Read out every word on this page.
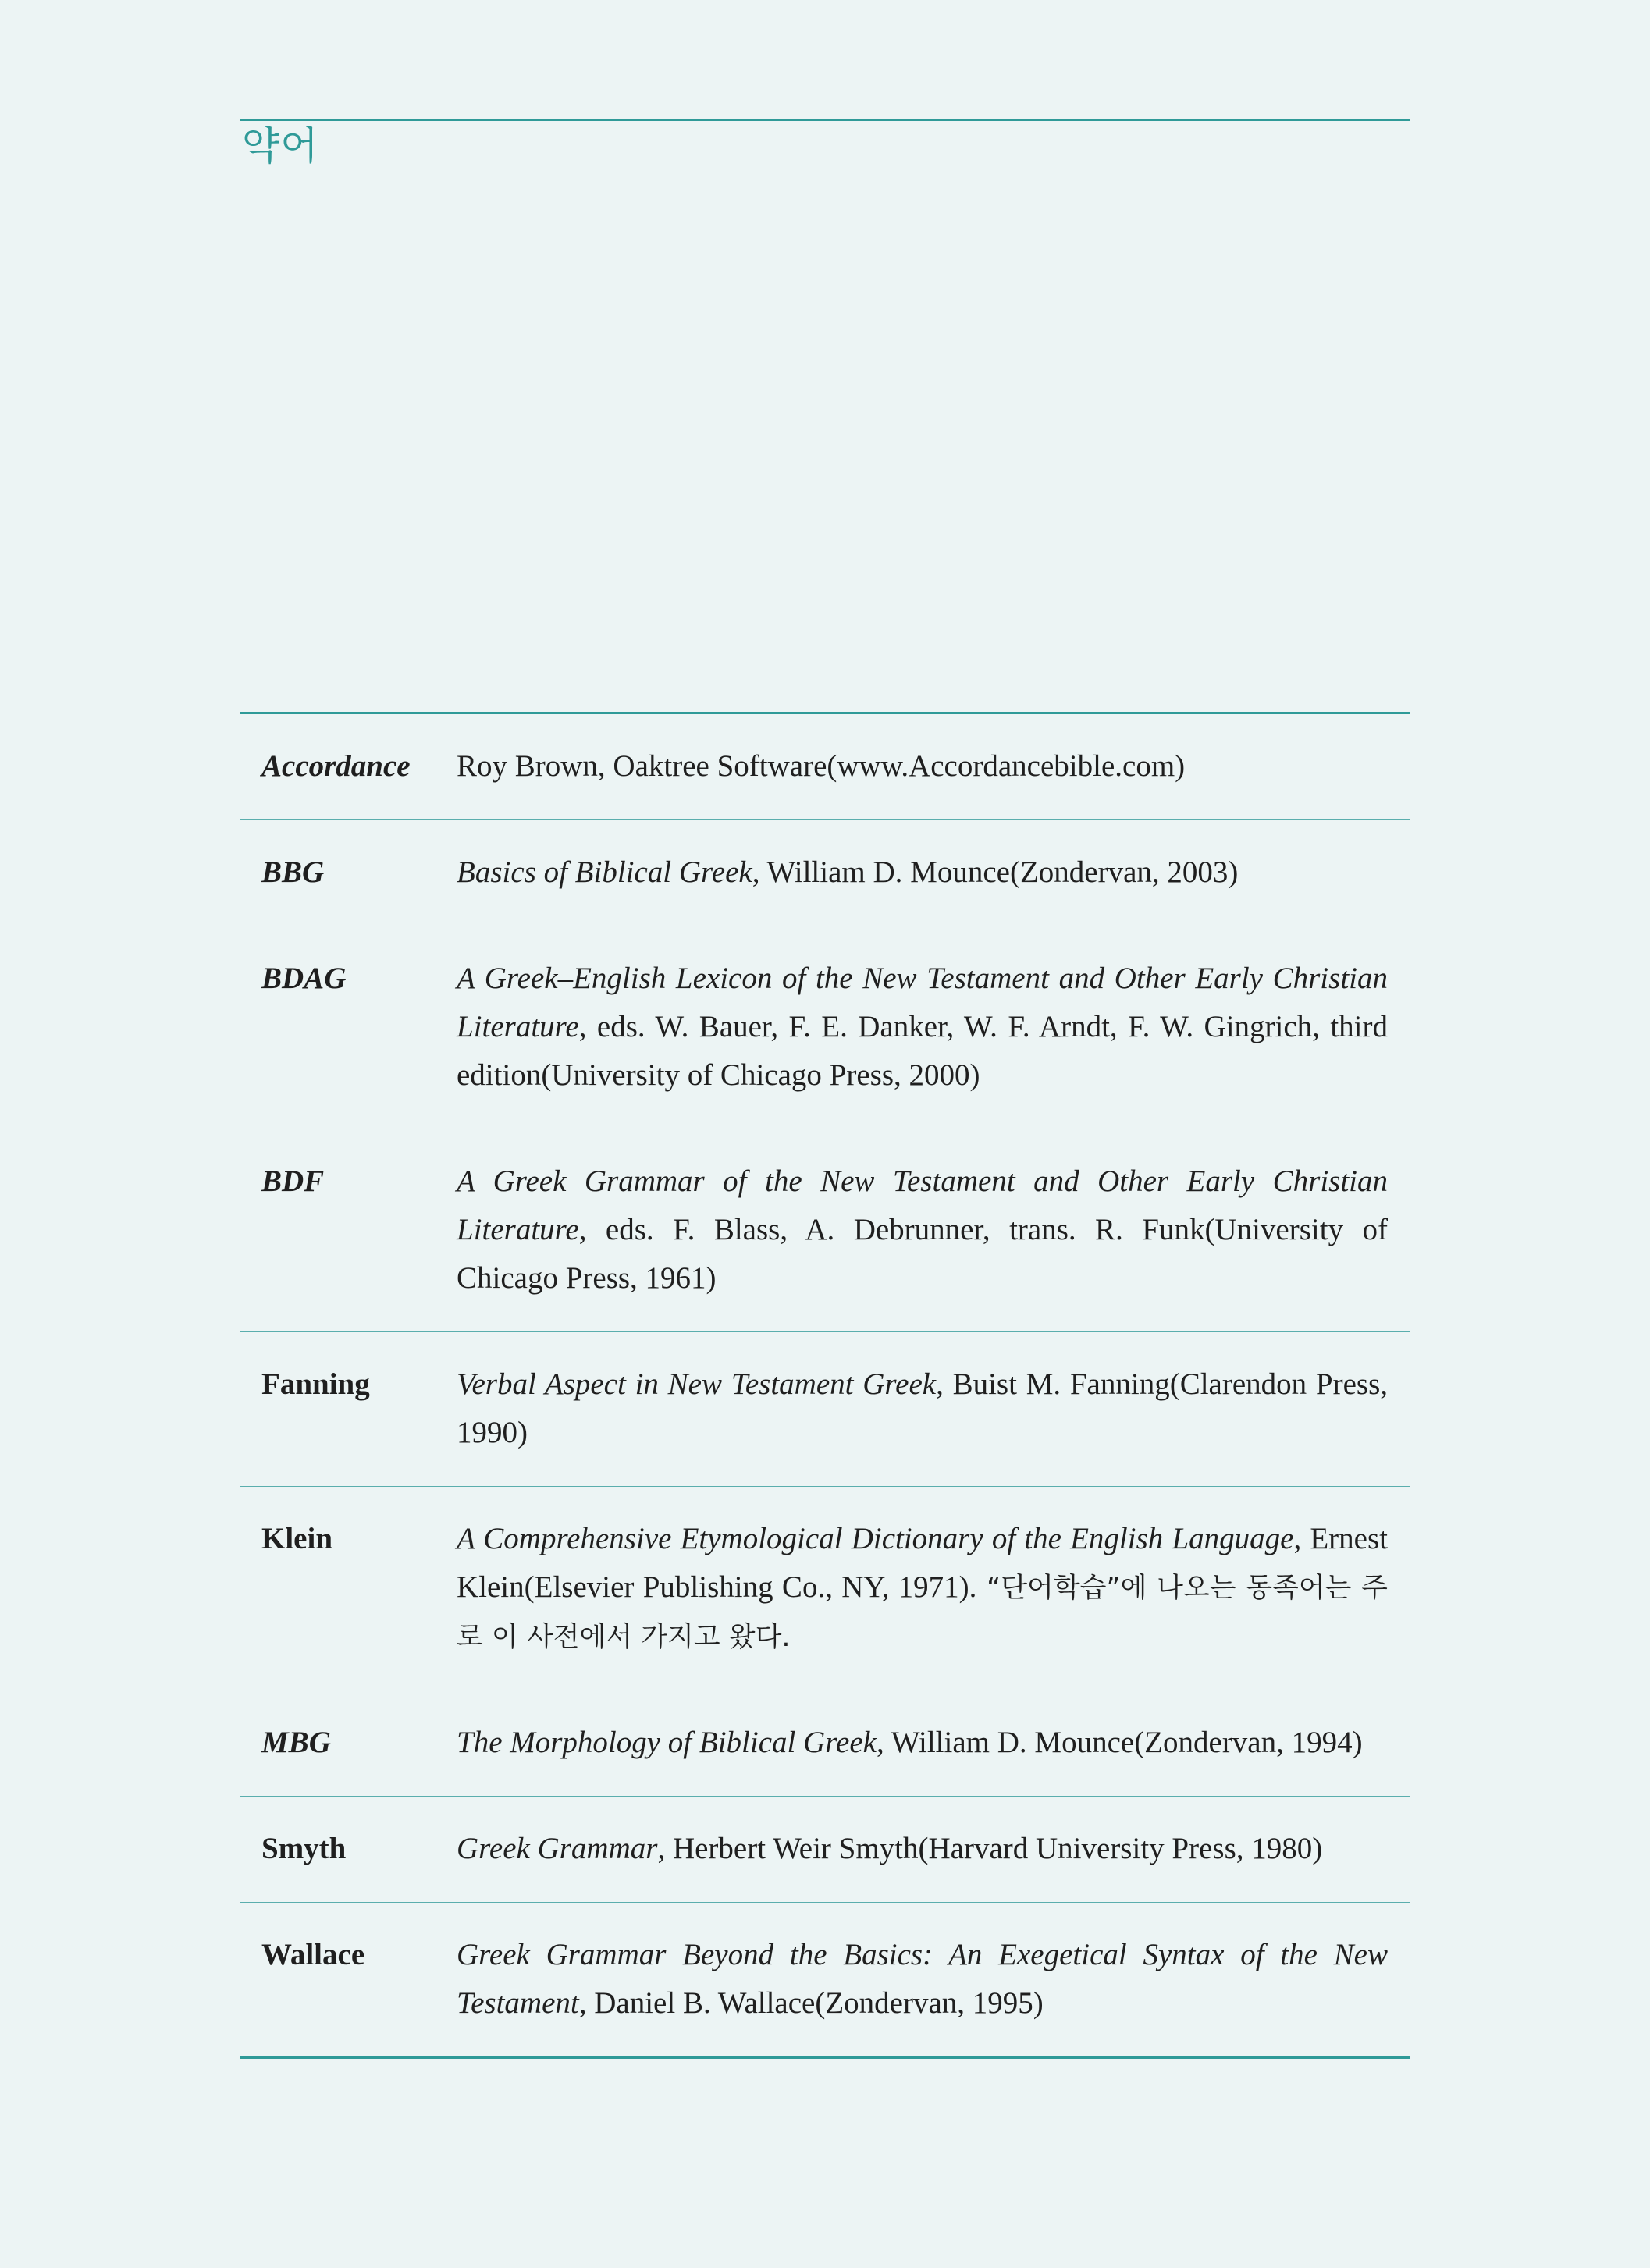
약어
Accordance	Roy Brown, Oaktree Software(www.Accordancebible.com)
BBG	Basics of Biblical Greek, William D. Mounce(Zondervan, 2003)
BDAG	A Greek–English Lexicon of the New Testament and Other Early Christian Literature, eds. W. Bauer, F. E. Danker, W. F. Arndt, F. W. Gingrich, third edition(University of Chicago Press, 2000)
BDF	A Greek Grammar of the New Testament and Other Early Christian Literature, eds. F. Blass, A. Debrunner, trans. R. Funk(University of Chicago Press, 1961)
Fanning	Verbal Aspect in New Testament Greek, Buist M. Fanning(Clarendon Press, 1990)
Klein	A Comprehensive Etymological Dictionary of the English Language, Ernest Klein(Elsevier Publishing Co., NY, 1971). “단어학습”에 나오는 동족어는 주로 이 사전에서 가지고 왔다.
MBG	The Morphology of Biblical Greek, William D. Mounce(Zondervan, 1994)
Smyth	Greek Grammar, Herbert Weir Smyth(Harvard University Press, 1980)
Wallace	Greek Grammar Beyond the Basics: An Exegetical Syntax of the New Testament, Daniel B. Wallace(Zondervan, 1995)
